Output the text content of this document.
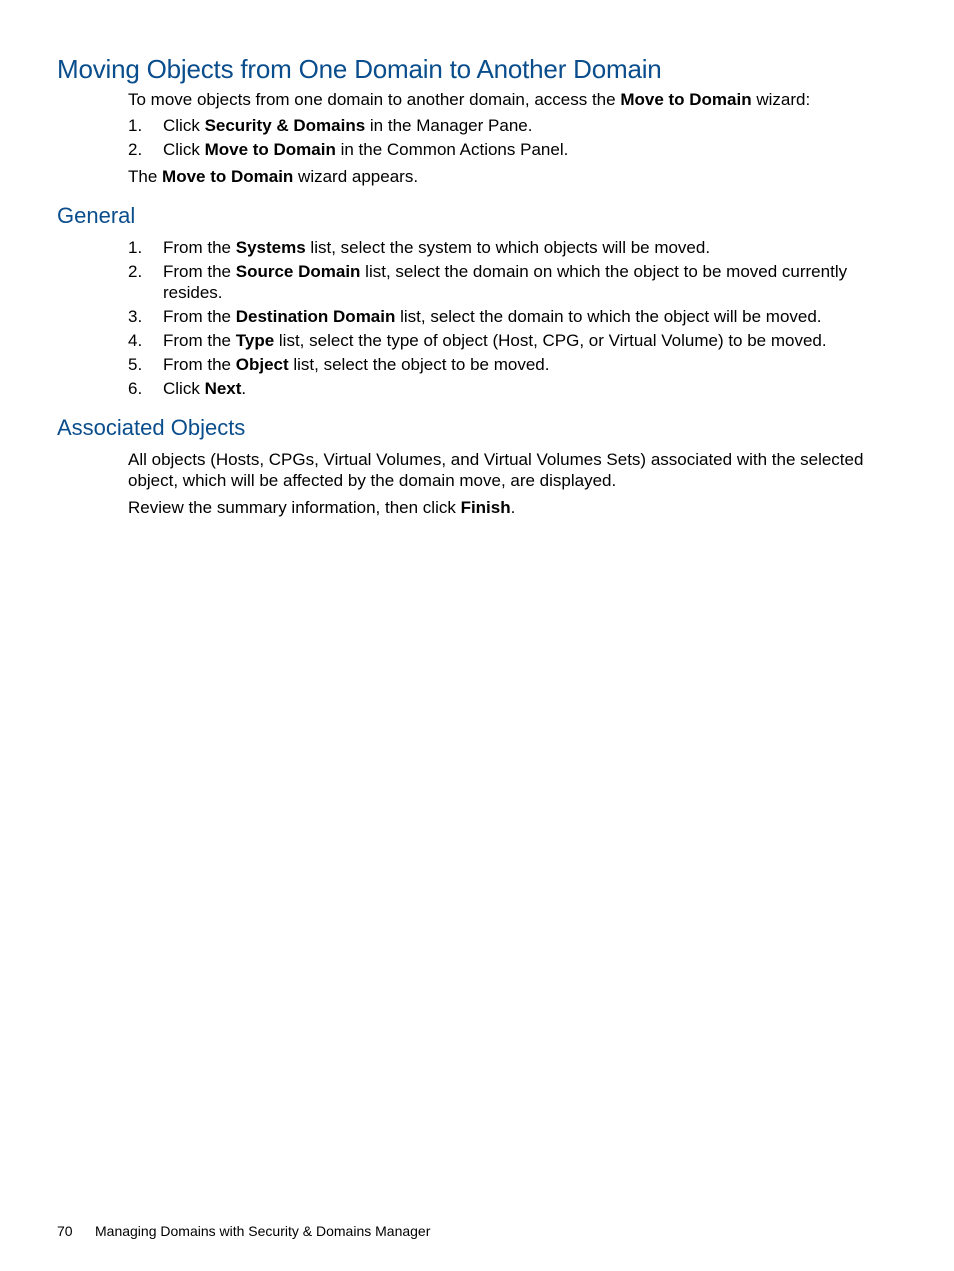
Moving Objects from One Domain to Another Domain

To move objects from one domain to another domain, access the Move to Domain wizard:

1. Click Security & Domains in the Manager Pane.
2. Click Move to Domain in the Common Actions Panel.

The Move to Domain wizard appears.

General
1. From the Systems list, select the system to which objects will be moved.
2. From the Source Domain list, select the domain on which the object to be moved currently resides.
3. From the Destination Domain list, select the domain to which the object will be moved.
4. From the Type list, select the type of object (Host, CPG, or Virtual Volume) to be moved.
5. From the Object list, select the object to be moved.
6. Click Next.
Associated Objects

All objects (Hosts, CPGs, Virtual Volumes, and Virtual Volumes Sets) associated with the selected object, which will be affected by the domain move, are displayed.

Review the summary information, then click Finish.

70 Managing Domains with Security & Domains Manager
